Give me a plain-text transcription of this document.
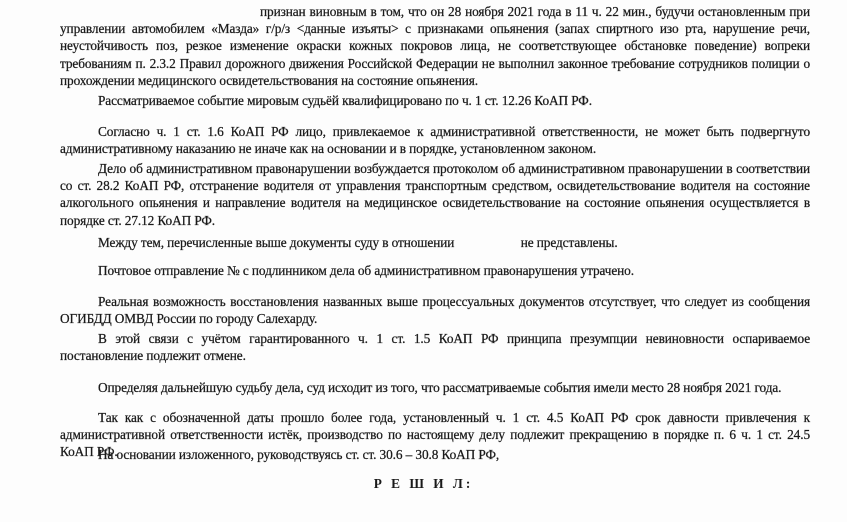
признан виновным в том, что он 28 ноября 2021 года в 11 ч. 22 мин., будучи остановленным при управлении автомобилем «Мазда» г/р/з <данные изъяты> с признаками опьянения (запах спиртного изо рта, нарушение речи, неустойчивость поз, резкое изменение окраски кожных покровов лица, не соответствующее обстановке поведение) вопреки требованиям п. 2.3.2 Правил дорожного движения Российской Федерации не выполнил законное требование сотрудников полиции о прохождении медицинского освидетельствования на состояние опьянения.
Рассматриваемое событие мировым судьёй квалифицировано по ч. 1 ст. 12.26 КоАП РФ.
Согласно ч. 1 ст. 1.6 КоАП РФ лицо, привлекаемое к административной ответственности, не может быть подвергнуто административному наказанию не иначе как на основании и в порядке, установленном законом.
Дело об административном правонарушении возбуждается протоколом об административном правонарушении в соответствии со ст. 28.2 КоАП РФ, отстранение водителя от управления транспортным средством, освидетельствование водителя на состояние алкогольного опьянения и направление водителя на медицинское освидетельствование на состояние опьянения осуществляется в порядке ст. 27.12 КоАП РФ.
Между тем, перечисленные выше документы суду в отношении	не представлены.
Почтовое отправление № с подлинником дела об административном правонарушения утрачено.
Реальная возможность восстановления названных выше процессуальных документов отсутствует, что следует из сообщения ОГИБДД ОМВД России по городу Салехарду.
В этой связи с учётом гарантированного ч. 1 ст. 1.5 КоАП РФ принципа презумпции невиновности оспариваемое постановление подлежит отмене.
Определяя дальнейшую судьбу дела, суд исходит из того, что рассматриваемые события имели место 28 ноября 2021 года.
Так как с обозначенной даты прошло более года, установленный ч. 1 ст. 4.5 КоАП РФ срок давности привлечения к административной ответственности истёк, производство по настоящему делу подлежит прекращению в порядке п. 6 ч. 1 ст. 24.5 КоАП РФ.
На основании изложенного, руководствуясь ст. ст. 30.6 – 30.8 КоАП РФ,
Р Е Ш И Л:
